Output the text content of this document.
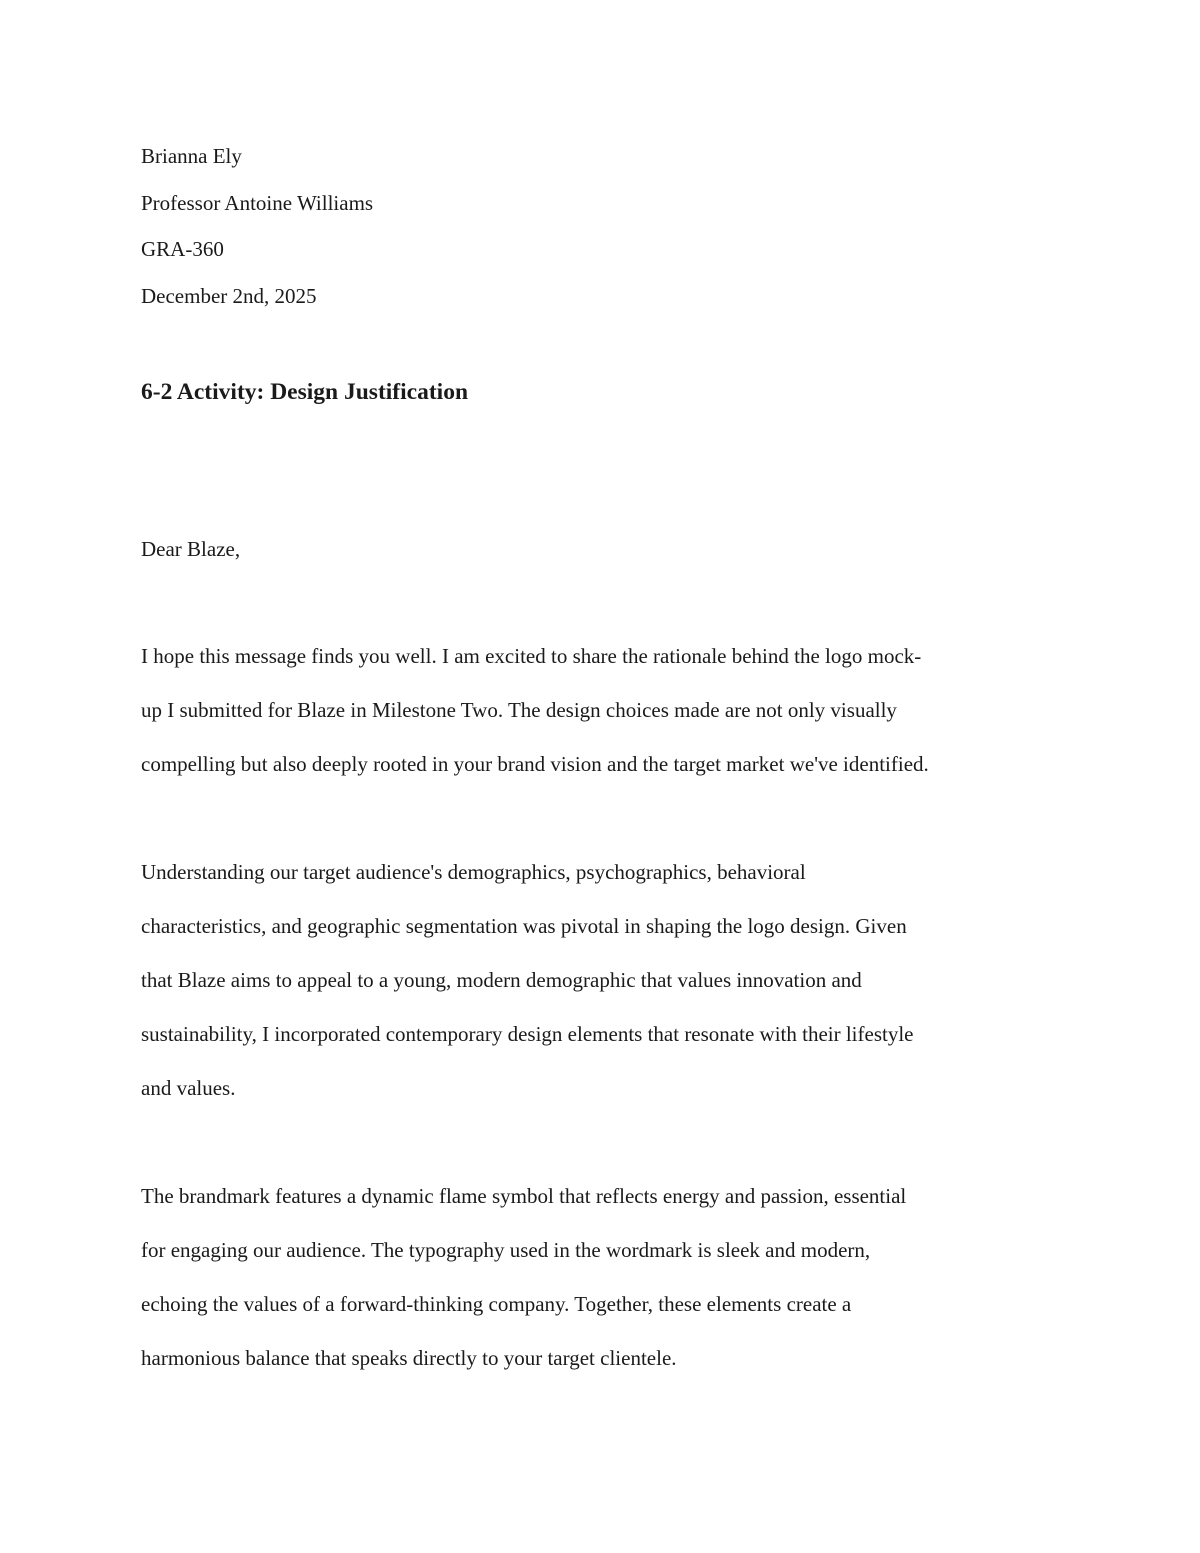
Brianna Ely
Professor Antoine Williams
GRA-360
December 2nd, 2025
6-2 Activity: Design Justification
Dear Blaze,
I hope this message finds you well. I am excited to share the rationale behind the logo mock-
up I submitted for Blaze in Milestone Two. The design choices made are not only visually
compelling but also deeply rooted in your brand vision and the target market we've identified.
Understanding our target audience's demographics, psychographics, behavioral
characteristics, and geographic segmentation was pivotal in shaping the logo design. Given
that Blaze aims to appeal to a young, modern demographic that values innovation and
sustainability, I incorporated contemporary design elements that resonate with their lifestyle
and values.
The brandmark features a dynamic flame symbol that reflects energy and passion, essential
for engaging our audience. The typography used in the wordmark is sleek and modern,
echoing the values of a forward-thinking company. Together, these elements create a
harmonious balance that speaks directly to your target clientele.
